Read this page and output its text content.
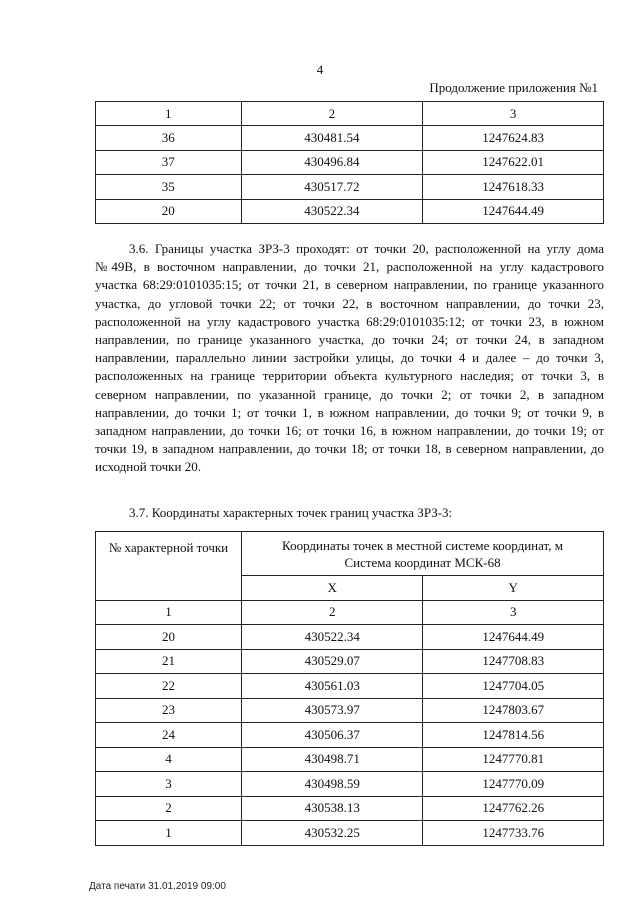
4
Продолжение приложения №1
1	2	3
36	430481.54	1247624.83
37	430496.84	1247622.01
35	430517.72	1247618.33
20	430522.34	1247644.49

3.6. Границы участка ЗРЗ-3 проходят: от точки 20, расположенной на углу дома №49В, в восточном направлении, до точки 21, расположенной на углу кадастрового участка 68:29:0101035:15; от точки 21, в северном направлении, по границе указанного участка, до угловой точки 22; от точки 22, в восточном направлении, до точки 23, расположенной на углу кадастрового участка 68:29:0101035:12; от точки 23, в южном направлении, по границе указанного участка, до точки 24; от точки 24, в западном направлении, параллельно линии застройки улицы, до точки 4 и далее – до точки 3, расположенных на границе территории объекта культурного наследия; от точки 3, в северном направлении, по указанной границе, до точки 2; от точки 2, в западном направлении, до точки 1; от точки 1, в южном направлении, до точки 9; от точки 9, в западном направлении, до точки 16; от точки 16, в южном направлении, до точки 19; от точки 19, в западном направлении, до точки 18; от точки 18, в северном направлении, до исходной точки 20.

3.7. Координаты характерных точек границ участка ЗРЗ-3:

№ характерной точки	Координаты точек в местной системе координат, м
Система координат МСК-68	

	X	Y
1	2	3
20	430522.34	1247644.49
21	430529.07	1247708.83
22	430561.03	1247704.05
23	430573.97	1247803.67
24	430506.37	1247814.56
4	430498.71	1247770.81
3	430498.59	1247770.09
2	430538.13	1247762.26
1	430532.25	1247733.76
Дата печати 31.01.2019 09:00
